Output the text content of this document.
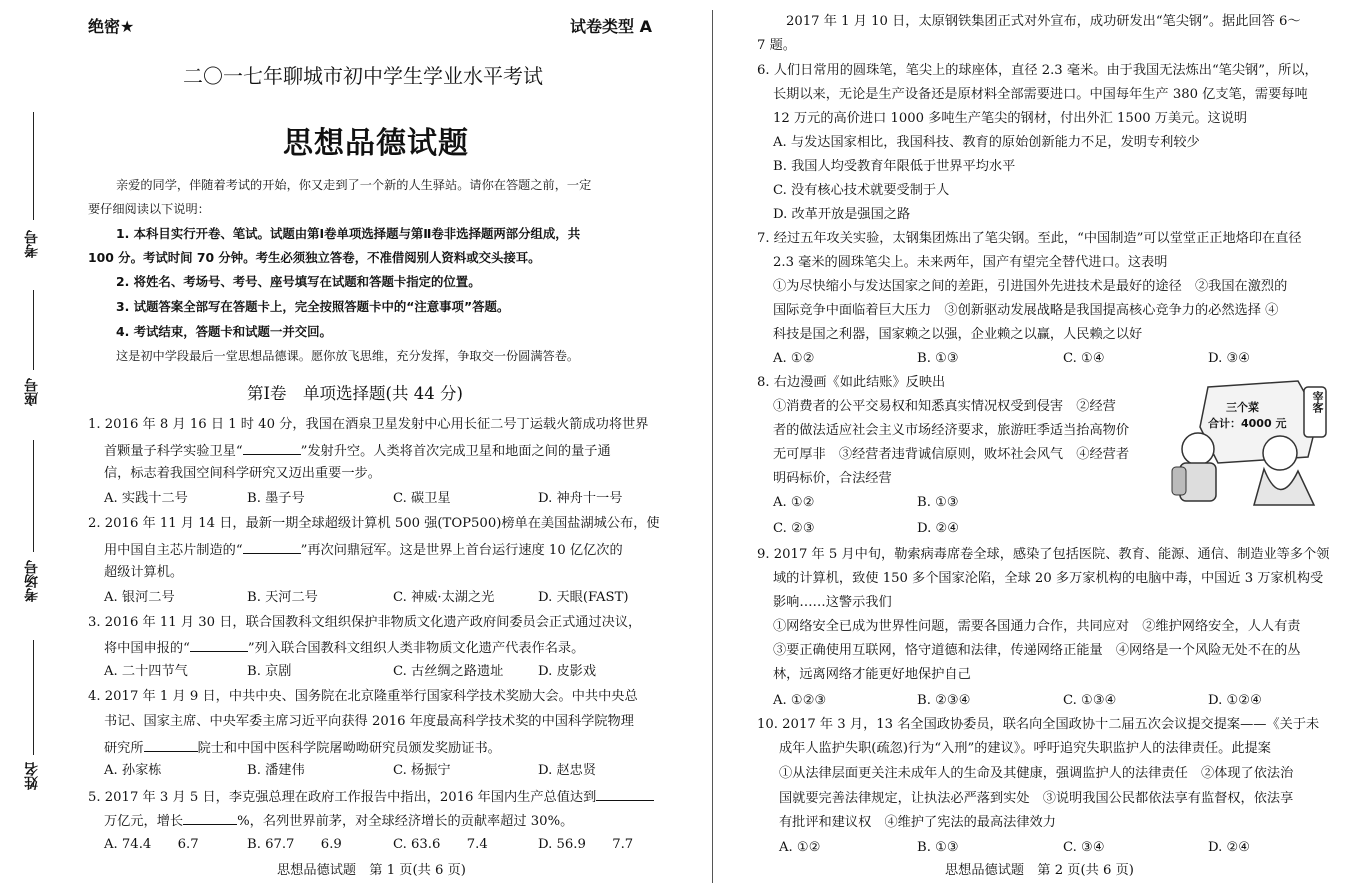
考号
座号
考场号
姓名
绝密★	试卷类型 A
二〇一七年聊城市初中学生学业水平考试
思想品德试题
亲爱的同学，伴随着考试的开始，你又走到了一个新的人生驿站。请你在答题之前，一定
要仔细阅读以下说明：
1. 本科目实行开卷、笔试。试题由第Ⅰ卷单项选择题与第Ⅱ卷非选择题两部分组成，共
100 分。考试时间 70 分钟。考生必须独立答卷，不准借阅别人资料或交头接耳。
2. 将姓名、考场号、考号、座号填写在试题和答题卡指定的位置。
3. 试题答案全部写在答题卡上，完全按照答题卡中的“注意事项”答题。
4. 考试结束，答题卡和试题一并交回。
这是初中学段最后一堂思想品德课。愿你放飞思维，充分发挥，争取交一份圆满答卷。
第Ⅰ卷　单项选择题(共 44 分)
1. 2016 年 8 月 16 日 1 时 40 分，我国在酒泉卫星发射中心用长征二号丁运载火箭成功将世界
首颗量子科学实验卫星“	”发射升空。人类将首次完成卫星和地面之间的量子通
信，标志着我国空间科学研究又迈出重要一步。
A. 实践十二号	B. 墨子号	C. 碳卫星	D. 神舟十一号
2. 2016 年 11 月 14 日，最新一期全球超级计算机 500 强(TOP500)榜单在美国盐湖城公布，使
用中国自主芯片制造的“	”再次问鼎冠军。这是世界上首台运行速度 10 亿亿次的
超级计算机。
A. 银河二号	B. 天河二号	C. 神威·太湖之光	D. 天眼(FAST)
3. 2016 年 11 月 30 日，联合国教科文组织保护非物质文化遗产政府间委员会正式通过决议，
将中国申报的“	”列入联合国教科文组织人类非物质文化遗产代表作名录。
A. 二十四节气	B. 京剧	C. 古丝绸之路遗址	D. 皮影戏
4. 2017 年 1 月 9 日，中共中央、国务院在北京隆重举行国家科学技术奖励大会。中共中央总
书记、国家主席、中央军委主席习近平向获得 2016 年度最高科学技术奖的中国科学院物理
研究所	院士和中国中医科学院屠呦呦研究员颁发奖励证书。
A. 孙家栋	B. 潘建伟	C. 杨振宁	D. 赵忠贤
5. 2017 年 3 月 5 日，李克强总理在政府工作报告中指出，2016 年国内生产总值达到
万亿元，增长	%，名列世界前茅，对全球经济增长的贡献率超过 30%。
A. 74.4　　6.7	B. 67.7　　6.9	C. 63.6　　7.4	D. 56.9　　7.7
思想品德试题　第 1 页(共 6 页)
2017 年 1 月 10 日，太原钢铁集团正式对外宣布，成功研发出“笔尖钢”。据此回答 6～
7 题。
6. 人们日常用的圆珠笔，笔尖上的球座体，直径 2.3 毫米。由于我国无法炼出“笔尖钢”，所以，
长期以来，无论是生产设备还是原材料全部需要进口。中国每年生产 380 亿支笔，需要每吨
12 万元的高价进口 1000 多吨生产笔尖的钢材，付出外汇 1500 万美元。这说明
A. 与发达国家相比，我国科技、教育的原始创新能力不足，发明专利较少
B. 我国人均受教育年限低于世界平均水平
C. 没有核心技术就要受制于人
D. 改革开放是强国之路
7. 经过五年攻关实验，太钢集团炼出了笔尖钢。至此，“中国制造”可以堂堂正正地烙印在直径
2.3 毫米的圆珠笔尖上。未来两年，国产有望完全替代进口。这表明
①为尽快缩小与发达国家之间的差距，引进国外先进技术是最好的途径　②我国在激烈的
国际竞争中面临着巨大压力　③创新驱动发展战略是我国提高核心竞争力的必然选择 ④
科技是国之利器，国家赖之以强，企业赖之以赢，人民赖之以好
A. ①②	B. ①③	C. ①④	D. ③④
8. 右边漫画《如此结账》反映出
①消费者的公平交易权和知悉真实情况权受到侵害　②经营
者的做法适应社会主义市场经济要求，旅游旺季适当抬高物价
无可厚非　③经营者违背诚信原则，败坏社会风气　④经营者
明码标价，合法经营
A. ①②	B. ①③
C. ②③	D. ②④
三个菜
合计：4000 元
宰客
9. 2017 年 5 月中旬，勒索病毒席卷全球，感染了包括医院、教育、能源、通信、制造业等多个领
域的计算机，致使 150 多个国家沦陷，全球 20 多万家机构的电脑中毒，中国近 3 万家机构受
影响……这警示我们
①网络安全已成为世界性问题，需要各国通力合作，共同应对　②维护网络安全，人人有责
③要正确使用互联网，恪守道德和法律，传递网络正能量　④网络是一个风险无处不在的丛
林，远离网络才能更好地保护自己
A. ①②③	B. ②③④	C. ①③④	D. ①②④
10. 2017 年 3 月，13 名全国政协委员，联名向全国政协十二届五次会议提交提案——《关于未
成年人监护失职(疏忽)行为“入刑”的建议》。呼吁追究失职监护人的法律责任。此提案
①从法律层面更关注未成年人的生命及其健康，强调监护人的法律责任　②体现了依法治
国就要完善法律规定，让执法必严落到实处　③说明我国公民都依法享有监督权，依法享
有批评和建议权　④维护了宪法的最高法律效力
A. ①②	B. ①③	C. ③④	D. ②④
思想品德试题　第 2 页(共 6 页)
